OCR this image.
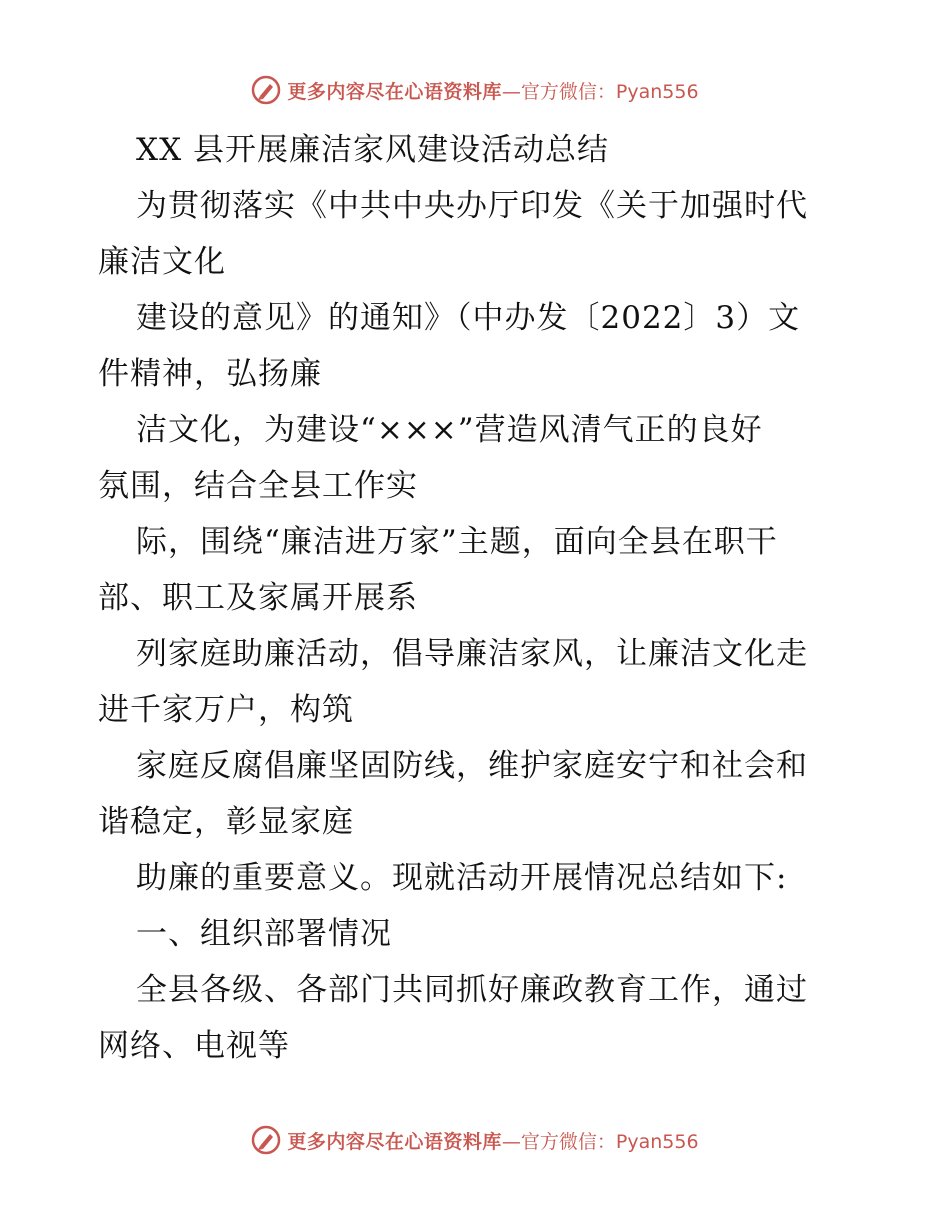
更多内容尽在心语资料库 —官方微信：Pyan556
XX 县开展廉洁家风建设活动总结
为贯彻落实《中共中央办厅印发《关于加强时代
廉洁文化
建设的意见》的通知》（中办发〔2022〕3）文
件精神，弘扬廉
洁文化，为建设“×××”营造风清气正的良好
氛围，结合全县工作实
际，围绕“廉洁进万家”主题，面向全县在职干
部、职工及家属开展系
列家庭助廉活动，倡导廉洁家风，让廉洁文化走
进千家万户，构筑
家庭反腐倡廉坚固防线，维护家庭安宁和社会和
谐稳定，彰显家庭
助廉的重要意义。现就活动开展情况总结如下:
一、组织部署情况
全县各级、各部门共同抓好廉政教育工作，通过
网络、电视等
更多内容尽在心语资料库 —官方微信：Pyan556
